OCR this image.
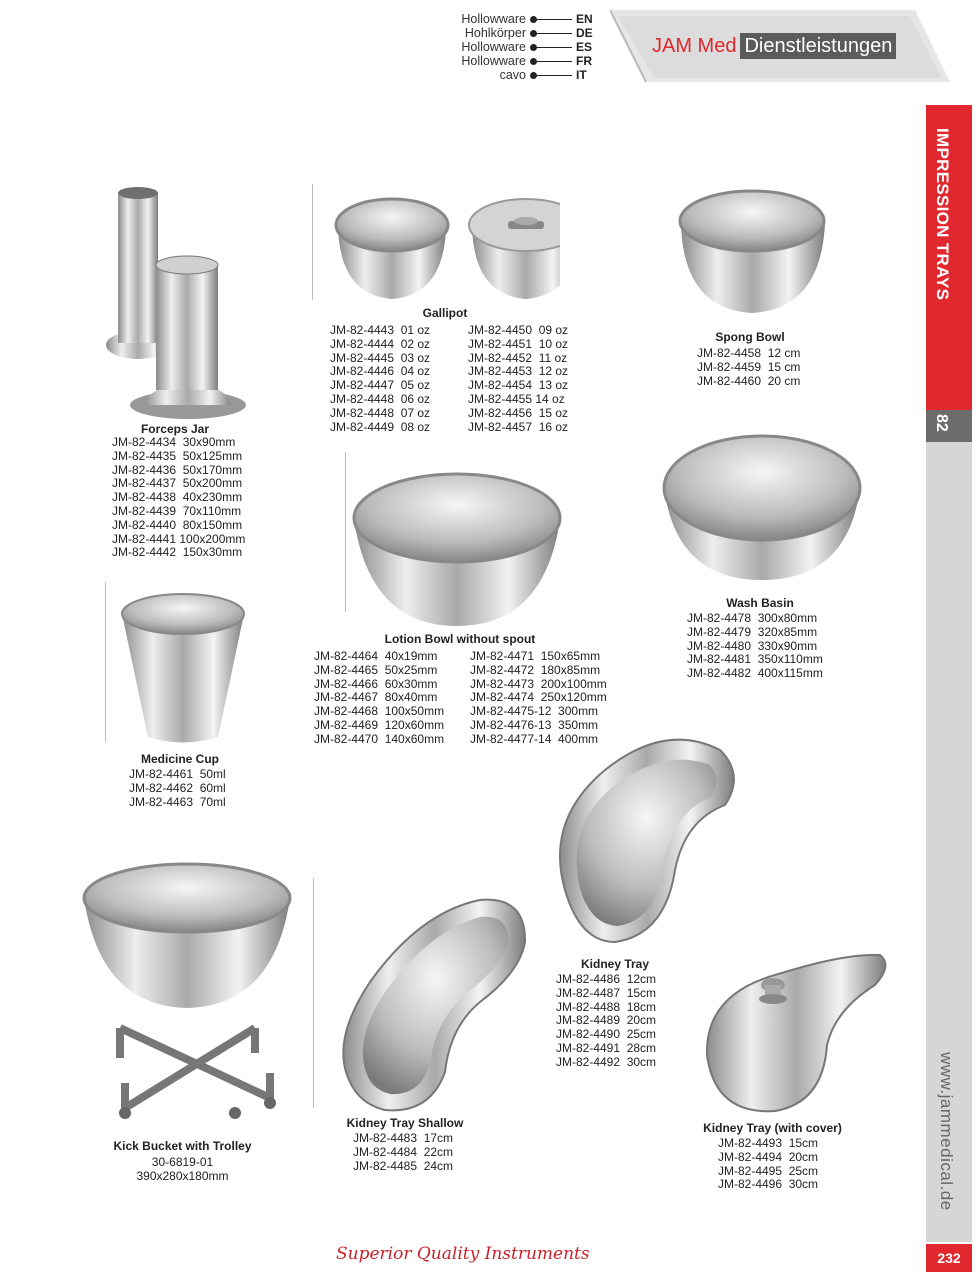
Hollowware	EN
Hohlkörper	DE
Hollowware	ES
Hollowware	FR
cavo	IT
JAM Med Dienstleistungen
IMPRESSION TRAYS
82
www.jammedical.de
232
Superior Quality Instruments
Forceps Jar
JM-82-4434  30x90mm
JM-82-4435  50x125mm
JM-82-4436  50x170mm
JM-82-4437  50x200mm
JM-82-4438  40x230mm
JM-82-4439  70x110mm
JM-82-4440  80x150mm
JM-82-4441 100x200mm
JM-82-4442  150x30mm
Gallipot
JM-82-4443  01 oz
JM-82-4444  02 oz
JM-82-4445  03 oz
JM-82-4446  04 oz
JM-82-4447  05 oz
JM-82-4448  06 oz
JM-82-4448  07 oz
JM-82-4449  08 oz
JM-82-4450  09 oz
JM-82-4451  10 oz
JM-82-4452  11 oz
JM-82-4453  12 oz
JM-82-4454  13 oz
JM-82-4455 14 oz
JM-82-4456  15 oz
JM-82-4457  16 oz
Spong Bowl
JM-82-4458  12 cm
JM-82-4459  15 cm
JM-82-4460  20 cm
Lotion Bowl without spout
JM-82-4464  40x19mm
JM-82-4465  50x25mm
JM-82-4466  60x30mm
JM-82-4467  80x40mm
JM-82-4468  100x50mm
JM-82-4469  120x60mm
JM-82-4470  140x60mm
JM-82-4471  150x65mm
JM-82-4472  180x85mm
JM-82-4473  200x100mm
JM-82-4474  250x120mm
JM-82-4475-12  300mm
JM-82-4476-13  350mm
JM-82-4477-14  400mm
Wash Basin
JM-82-4478  300x80mm
JM-82-4479  320x85mm
JM-82-4480  330x90mm
JM-82-4481  350x110mm
JM-82-4482  400x115mm
Medicine Cup
JM-82-4461  50ml
JM-82-4462  60ml
JM-82-4463  70ml
Kidney Tray
JM-82-4486  12cm
JM-82-4487  15cm
JM-82-4488  18cm
JM-82-4489  20cm
JM-82-4490  25cm
JM-82-4491  28cm
JM-82-4492  30cm
Kick Bucket with Trolley
30-6819-01
390x280x180mm
Kidney Tray Shallow
JM-82-4483  17cm
JM-82-4484  22cm
JM-82-4485  24cm
Kidney Tray (with cover)
JM-82-4493  15cm
JM-82-4494  20cm
JM-82-4495  25cm
JM-82-4496  30cm
